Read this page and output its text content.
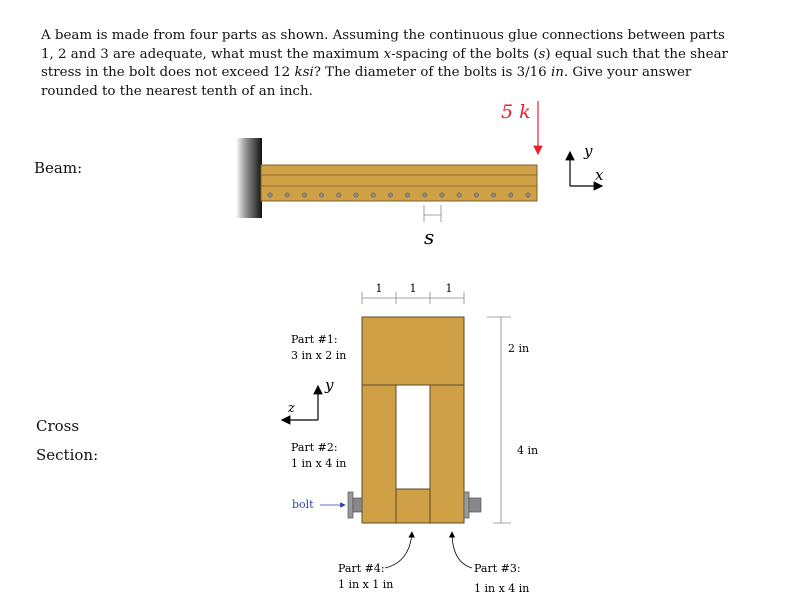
A beam is made from four parts as shown. Assuming the continuous glue connections between parts 1, 2 and 3 are adequate, what must the maximum x-spacing of the bolts (s) equal such that the shear stress in the bolt does not exceed 12 ksi? The diameter of the bolts is 3/16 in. Give your answer rounded to the nearest tenth of an inch.

Beam:
Cross
Section:
5 k
y
x
s
1 1	1
bolt
2 in
4 in
y
z
Part #1:
3 in x 2 in
Part #2:
1 in x 4 in
Part #4:
1 in x 1 in
Part #3:
1 in x 4 in
